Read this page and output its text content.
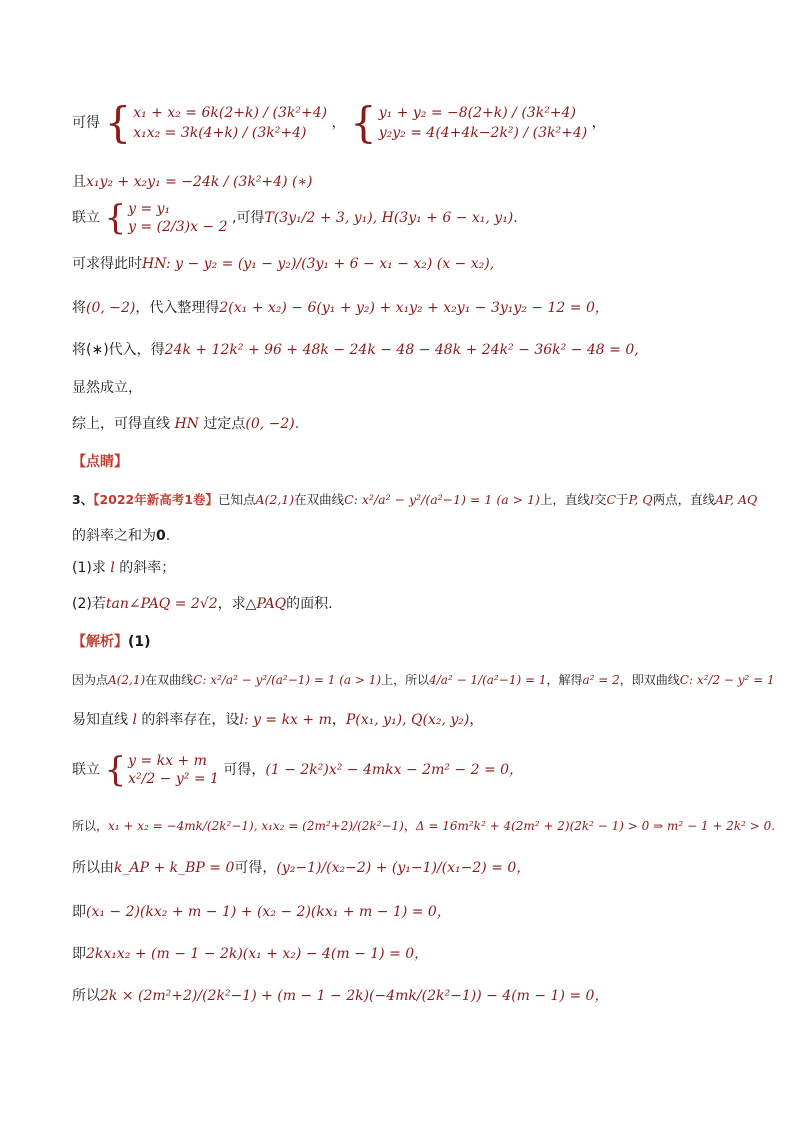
可得 { x₁ + x₂ = 6k(2+k) / (3k²+4)
x₁x₂ = 3k(4+k) / (3k²+4)
， { y₁ + y₂ = −8(2+k) / (3k²+4)
y₂y₂ = 4(4+4k−2k²) / (3k²+4)
，
且x₁y₂ + x₂y₁ = −24k / (3k²+4) (∗)
联立 { y = y₁
y = (2/3)x − 2
,可得T(3y₁/2 + 3, y₁), H(3y₁ + 6 − x₁, y₁).
可求得此时HN: y − y₂ = (y₁ − y₂)/(3y₁ + 6 − x₁ − x₂) (x − x₂),
将(0, −2)，代入整理得2(x₁ + x₂) − 6(y₁ + y₂) + x₁y₂ + x₂y₁ − 3y₁y₂ − 12 = 0，
将(∗)代入，得24k + 12k² + 96 + 48k − 24k − 48 − 48k + 24k² − 36k² − 48 = 0,
显然成立，
综上，可得直线 HN 过定点(0, −2).
【点睛】
3、【2022年新高考1卷】已知点A(2,1)在双曲线C: x²/a² − y²/(a²−1) = 1 (a > 1)上，直线l交C于P, Q两点，直线AP, AQ
的斜率之和为0.
(1)求 l 的斜率；
(2)若tan∠PAQ = 2√2，求△PAQ的面积.
【解析】(1)
因为点A(2,1)在双曲线C: x²/a² − y²/(a²−1) = 1 (a > 1)上，所以4/a² − 1/(a²−1) = 1，解得a² = 2，即双曲线C: x²/2 − y² = 1
易知直线 l 的斜率存在，设l: y = kx + m，P(x₁, y₁), Q(x₂, y₂)，
联立 { y = kx + m
x²/2 − y² = 1
可得，(1 − 2k²)x² − 4mkx − 2m² − 2 = 0，
所以，x₁ + x₂ = −4mk/(2k²−1), x₁x₂ = (2m²+2)/(2k²−1)，Δ = 16m²k² + 4(2m² + 2)(2k² − 1) > 0 ⇒ m² − 1 + 2k² > 0.
所以由k_AP + k_BP = 0可得，(y₂−1)/(x₂−2) + (y₁−1)/(x₁−2) = 0，
即(x₁ − 2)(kx₂ + m − 1) + (x₂ − 2)(kx₁ + m − 1) = 0，
即2kx₁x₂ + (m − 1 − 2k)(x₁ + x₂) − 4(m − 1) = 0，
所以2k × (2m²+2)/(2k²−1) + (m − 1 − 2k)(−4mk/(2k²−1)) − 4(m − 1) = 0，
